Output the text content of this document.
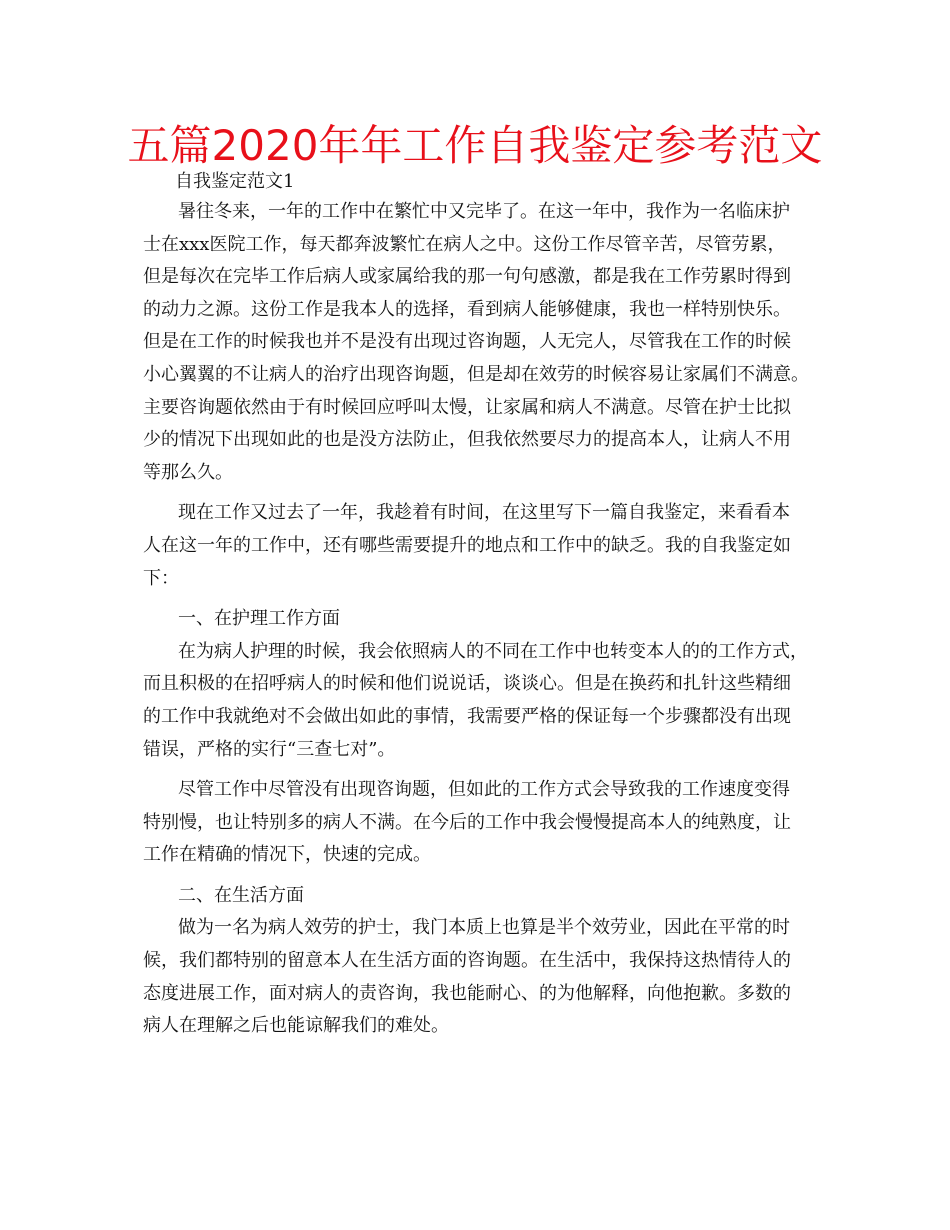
五篇2020年年工作自我鉴定参考范文
自我鉴定范文1
暑往冬来，一年的工作中在繁忙中又完毕了。在这一年中，我作为一名临床护
士在xxx医院工作，每天都奔波繁忙在病人之中。这份工作尽管辛苦，尽管劳累，
但是每次在完毕工作后病人或家属给我的那一句句感激，都是我在工作劳累时得到
的动力之源。这份工作是我本人的选择，看到病人能够健康，我也一样特别快乐。
但是在工作的时候我也并不是没有出现过咨询题，人无完人，尽管我在工作的时候
小心翼翼的不让病人的治疗出现咨询题，但是却在效劳的时候容易让家属们不满意。
主要咨询题依然由于有时候回应呼叫太慢，让家属和病人不满意。尽管在护士比拟
少的情况下出现如此的也是没方法防止，但我依然要尽力的提高本人，让病人不用
等那么久。
现在工作又过去了一年，我趁着有时间，在这里写下一篇自我鉴定，来看看本
人在这一年的工作中，还有哪些需要提升的地点和工作中的缺乏。我的自我鉴定如
下：
一、在护理工作方面
在为病人护理的时候，我会依照病人的不同在工作中也转变本人的的工作方式，
而且积极的在招呼病人的时候和他们说说话，谈谈心。但是在换药和扎针这些精细
的工作中我就绝对不会做出如此的事情，我需要严格的保证每一个步骤都没有出现
错误，严格的实行“三查七对”。
尽管工作中尽管没有出现咨询题，但如此的工作方式会导致我的工作速度变得
特别慢，也让特别多的病人不满。在今后的工作中我会慢慢提高本人的纯熟度，让
工作在精确的情况下，快速的完成。
二、在生活方面
做为一名为病人效劳的护士，我门本质上也算是半个效劳业，因此在平常的时
候，我们都特别的留意本人在生活方面的咨询题。在生活中，我保持这热情待人的
态度进展工作，面对病人的责咨询，我也能耐心、的为他解释，向他抱歉。多数的
病人在理解之后也能谅解我们的难处。
